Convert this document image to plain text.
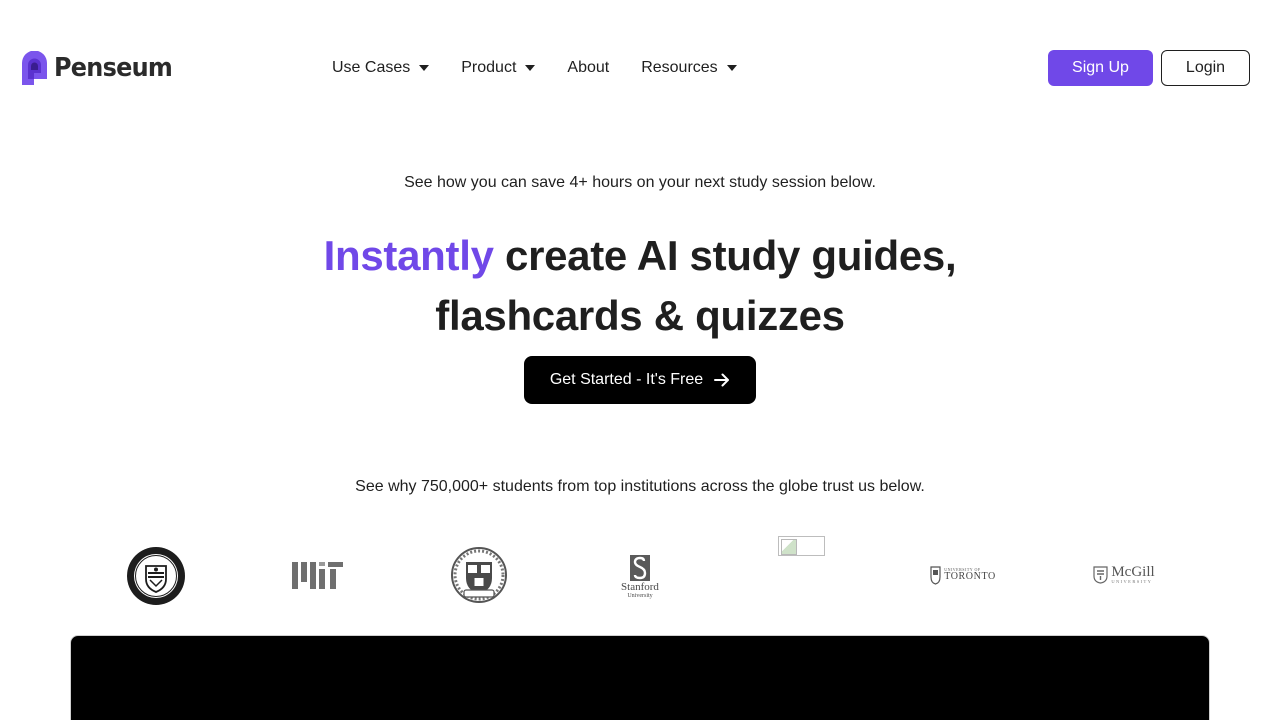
Penseum	Use Cases	Product	About Resources	Sign Up	Login

See how you can save 4+ hours on your next study session below.

Instantly create AI study guides, flashcards & quizzes
Get Started - It's Free

See why 750,000+ students from top institutions across the globe trust us below.

Stanford
University
UNIVERSITY OF
TORONTO	McGill
UNIVERSITY
